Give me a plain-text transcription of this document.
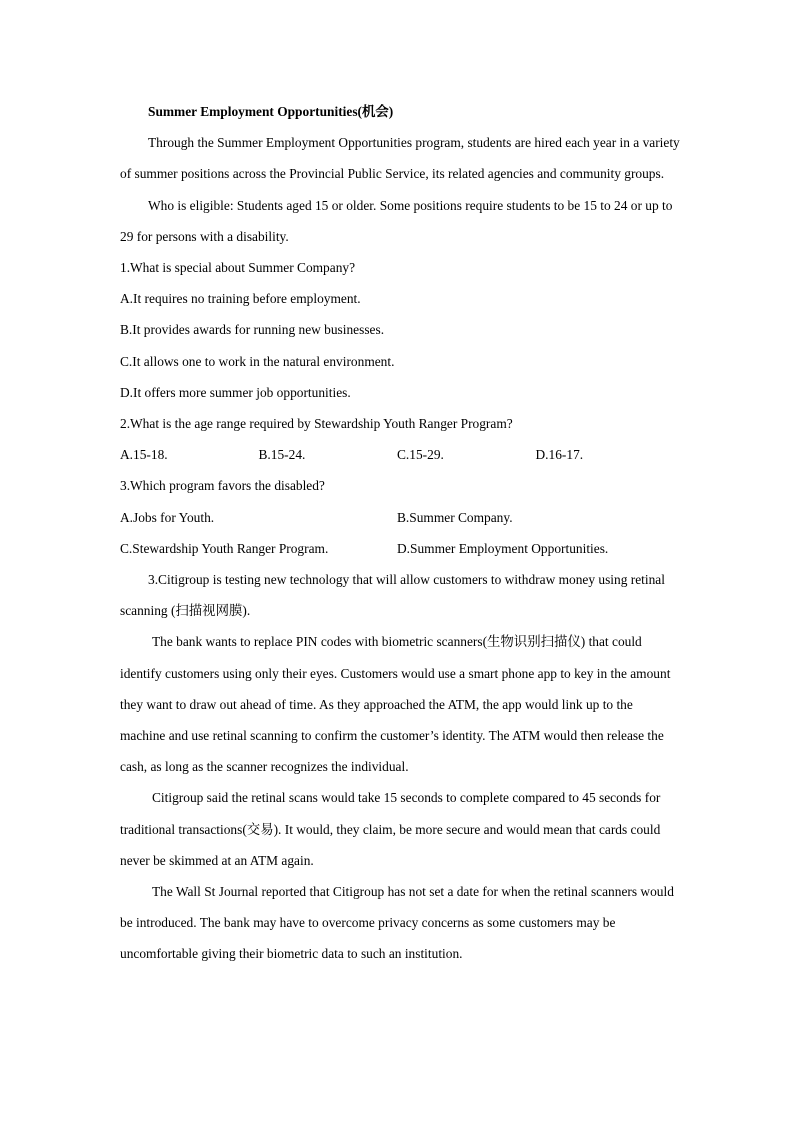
Summer Employment Opportunities(机会)

Through the Summer Employment Opportunities program, students are hired each year in a variety of summer positions across the Provincial Public Service, its related agencies and community groups.

Who is eligible: Students aged 15 or older. Some positions require students to be 15 to 24 or up to 29 for persons with a disability.

1.What is special about Summer Company?

A.It requires no training before employment.

B.It provides awards for running new businesses.

C.It allows one to work in the natural environment.

D.It offers more summer job opportunities.

2.What is the age range required by Stewardship Youth Ranger Program?

A.15-18.	B.15-24.	C.15-29.	D.16-17.

3.Which program favors the disabled?

A.Jobs for Youth.	B.Summer Company.
C.Stewardship Youth Ranger Program.	D.Summer Employment Opportunities.

3.Citigroup is testing new technology that will allow customers to withdraw money using retinal scanning (扫描视网膜).

The bank wants to replace PIN codes with biometric scanners(生物识别扫描仪) that could identify customers using only their eyes. Customers would use a smart phone app to key in the amount they want to draw out ahead of time. As they approached the ATM, the app would link up to the machine and use retinal scanning to confirm the customer’s identity. The ATM would then release the cash, as long as the scanner recognizes the individual.

Citigroup said the retinal scans would take 15 seconds to complete compared to 45 seconds for traditional transactions(交易). It would, they claim, be more secure and would mean that cards could never be skimmed at an ATM again.

The Wall St Journal reported that Citigroup has not set a date for when the retinal scanners would be introduced. The bank may have to overcome privacy concerns as some customers may be uncomfortable giving their biometric data to such an institution.
